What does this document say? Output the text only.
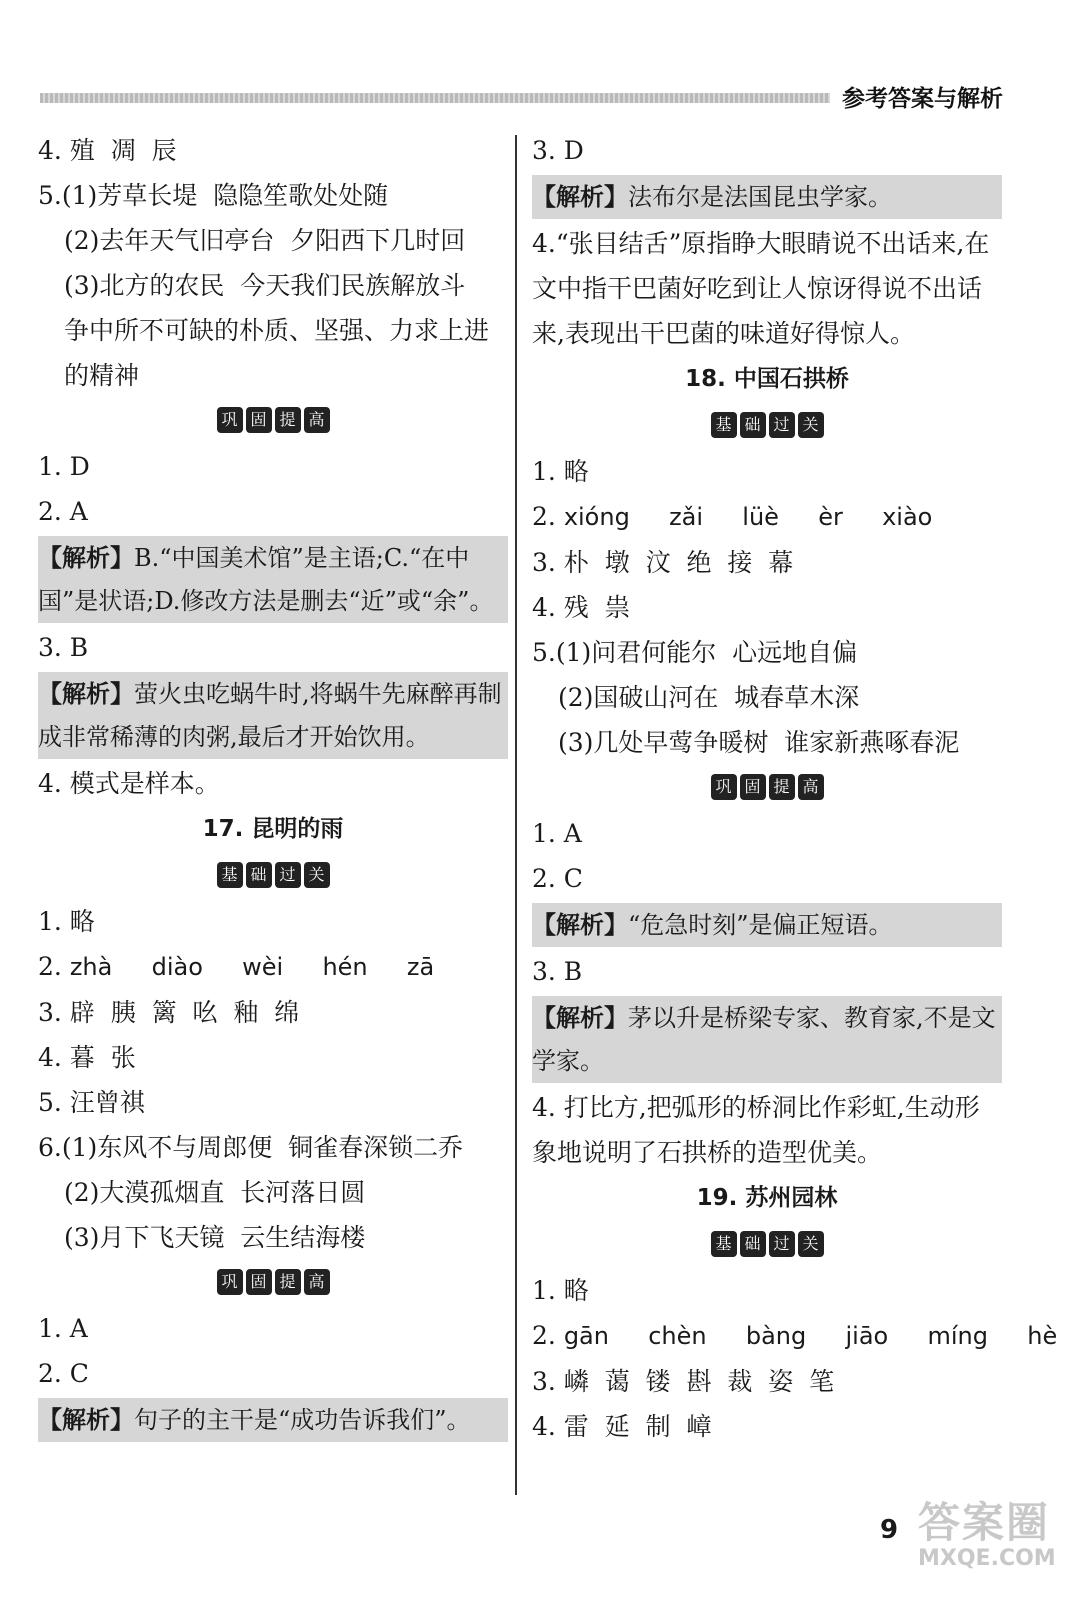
参考答案与解析
4. 殖  凋  辰
5.(1)芳草长堤  隐隐笙歌处处随
(2)去年天气旧亭台  夕阳西下几时回
(3)北方的农民  今天我们民族解放斗
争中所不可缺的朴质、坚强、力求上进
的精神
巩 固 提 高
1. D
2. A
【解析】B.“中国美术馆”是主语;C.“在中国”是状语;D.修改方法是删去“近”或“余”。
3. B
【解析】萤火虫吃蜗牛时,将蜗牛先麻醉再制成非常稀薄的肉粥,最后才开始饮用。
4. 模式是样本。
17. 昆明的雨
基 础 过 关
1. 略
2. zhà  diào  wèi  hén  zā
3. 辟  胰  篱  吆  釉  绵
4. 暮  张
5. 汪曾祺
6.(1)东风不与周郎便  铜雀春深锁二乔
(2)大漠孤烟直  长河落日圆
(3)月下飞天镜  云生结海楼
巩 固 提 高
1. A
2. C
【解析】句子的主干是“成功告诉我们”。
3. D
【解析】法布尔是法国昆虫学家。
4.“张目结舌”原指睁大眼睛说不出话来,在文中指干巴菌好吃到让人惊讶得说不出话来,表现出干巴菌的味道好得惊人。
18. 中国石拱桥
基 础 过 关
1. 略
2. xióng  zǎi  lüè  èr  xiào
3. 朴  墩  汶  绝  接  幕
4. 残  祟
5.(1)问君何能尔  心远地自偏
(2)国破山河在  城春草木深
(3)几处早莺争暖树  谁家新燕啄春泥
巩 固 提 高
1. A
2. C
【解析】“危急时刻”是偏正短语。
3. B
【解析】茅以升是桥梁专家、教育家,不是文学家。
4. 打比方,把弧形的桥洞比作彩虹,生动形象地说明了石拱桥的造型优美。
19. 苏州园林
基 础 过 关
1. 略
2. gān  chèn  bàng  jiāo  míng  hè
3. 嶙  蔼  镂  斟  裁  姿  笔
4. 雷  延  制  嶂
9 答案圈
MXQE.COM
